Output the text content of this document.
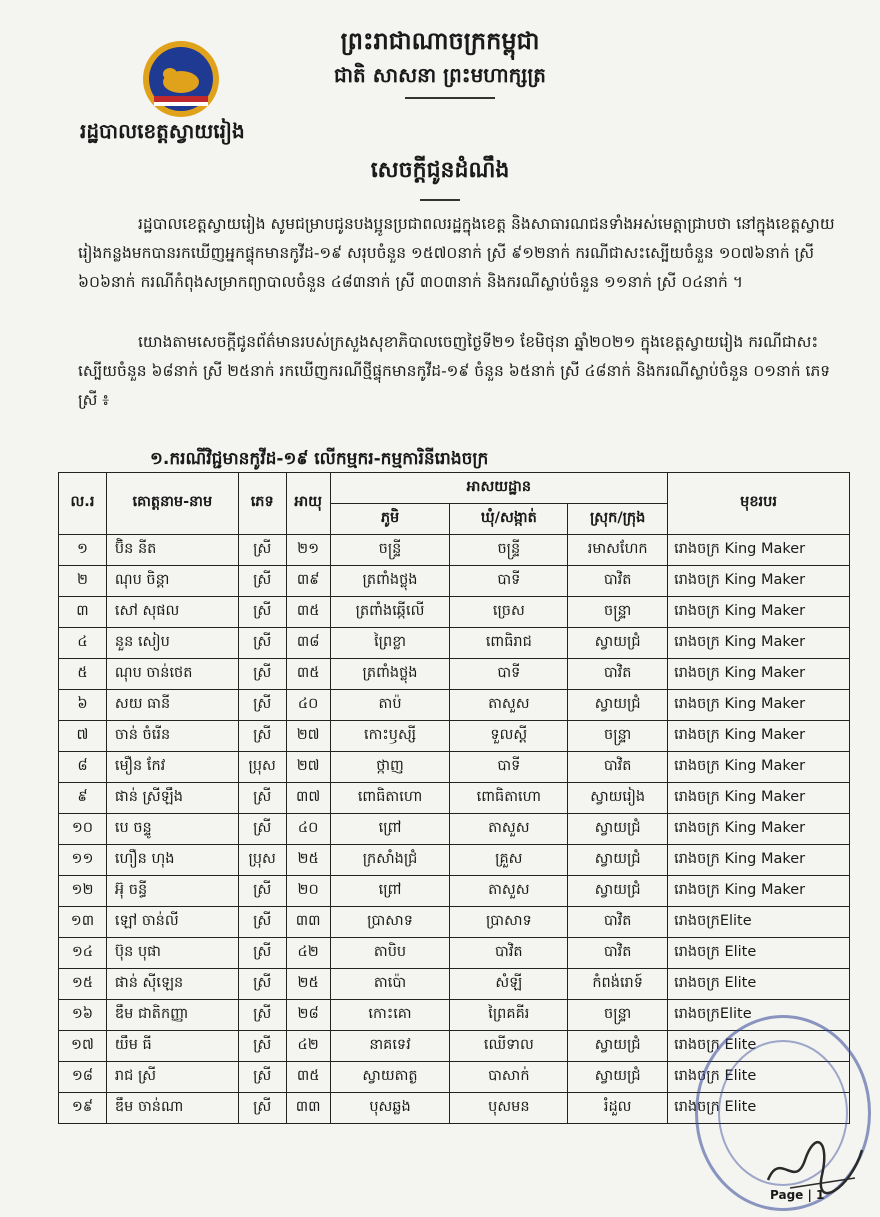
ព្រះរាជាណាចក្រកម្ពុជា
ជាតិ សាសនា ព្រះមហាក្សត្រ
រដ្ឋបាលខេត្តស្វាយរៀង
សេចក្ដីជូនដំណឹង
រដ្ឋបាលខេត្តស្វាយរៀង សូមជម្រាបជូនបងប្អូនប្រជាពលរដ្ឋក្នុងខេត្ត និងសាធារណជនទាំងអស់មេត្តាជ្រាបថា នៅក្នុងខេត្តស្វាយរៀងកន្លងមកបានរកឃើញអ្នកផ្ទុកមានកូវីដ-១៩ សរុបចំនួន ១៥៧០នាក់ ស្រី ៩១២នាក់ ករណីជាសះស្បើយចំនួន ១០៧៦នាក់ ស្រី ៦០៦នាក់ ករណីកំពុងសម្រាកព្យាបាលចំនួន ៤៨៣នាក់ ស្រី ៣០៣នាក់ និងករណីស្លាប់ចំនួន ១១នាក់ ស្រី ០៤នាក់ ។
យោងតាមសេចក្ដីជូនព័ត៌មានរបស់ក្រសួងសុខាភិបាលចេញថ្ងៃទី២១ ខែមិថុនា ឆ្នាំ២០២១ ក្នុងខេត្តស្វាយរៀង ករណីជាសះស្បើយចំនួន ៦៨នាក់ ស្រី ២៥នាក់ រកឃើញករណីថ្មីផ្ទុកមានកូវីដ-១៩ ចំនួន ៦៥នាក់ ស្រី ៤៨នាក់ និងករណីស្លាប់ចំនួន ០១នាក់ ភេទស្រី ៖
១.ករណីវិជ្ជមានកូវីដ-១៩ លើកម្មករ-កម្មការិនីរោងចក្រ
ល.រ	គោត្តនាម-នាម	ភេទ	អាយុ	អាសយដ្ឋាន			មុខរបរ
				ភូមិ	ឃុំ/សង្កាត់	ស្រុក/ក្រុង	
១	ប៊ិន នីត	ស្រី	២១	ចន្រ្ទី	ចន្រ្ទី	រមាសហែក	រោងចក្រ King Maker
២	ណុប ចិន្តា	ស្រី	៣៩	ត្រពាំងថ្លុង	បាទី	បាវិត	រោងចក្រ King Maker
៣	សៅ សុផល	ស្រី	៣៥	ត្រពាំងឆ្កើលើ	ច្រេស	ចន្រ្ទា	រោងចក្រ King Maker
៤	នួន សៀប	ស្រី	៣៨	ព្រៃខ្លា	ពោធិរាជ	ស្វាយជ្រំ	រោងចក្រ King Maker
៥	ណុប ចាន់ថេត	ស្រី	៣៥	ត្រពាំងថ្លុង	បាទី	បាវិត	រោងចក្រ King Maker
៦	សយ ធានី	ស្រី	៤០	តាប៉	តាសួស	ស្វាយជ្រំ	រោងចក្រ King Maker
៧	ចាន់ ចំរើន	ស្រី	២៧	កោះឫស្សី	ទួលស្ដី	ចន្រ្ទា	រោងចក្រ King Maker
៨	មឿន កែវ	ប្រុស	២៧	ថ្កាញ	បាទី	បាវិត	រោងចក្រ King Maker
៩	ផាន់ ស្រីឡឹង	ស្រី	៣៧	ពោធិតាហោ	ពោធិតាហោ	ស្វាយរៀង	រោងចក្រ King Maker
១០	បេ ចន្ទូ	ស្រី	៤០	ព្រៅ	តាសួស	ស្វាយជ្រំ	រោងចក្រ King Maker
១១	ហឿន ហុង	ប្រុស	២៥	ក្រសាំងជ្រំ	គ្រួស	ស្វាយជ្រំ	រោងចក្រ King Maker
១២	អ៊ុ ចន្ធី	ស្រី	២០	ព្រៅ	តាសួស	ស្វាយជ្រំ	រោងចក្រ King Maker
១៣	ឡៅ ចាន់លី	ស្រី	៣៣	ប្រាសាទ	ប្រាសាទ	បាវិត	រោងចក្រElite
១៤	ប៊ុន បុផា	ស្រី	៤២	តាបិប	បាវិត	បាវិត	រោងចក្រ Elite
១៥	ផាន់ ស៊ីឡេន	ស្រី	២៥	តាប៉ោ	សំឡី	កំពង់រោទ៍	រោងចក្រ Elite
១៦	ឌឹម ជាតិកញ្ញា	ស្រី	២៨	កោះគោ	ព្រៃគគីរ	ចន្រ្ទា	រោងចក្រElite
១៧	យឹម ធី	ស្រី	៤២	នាគទេវ	ឈើទាល	ស្វាយជ្រំ	រោងចក្រ Elite
១៨	រាជ ស្រី	ស្រី	៣៥	ស្វាយតាត្ង	បាសាក់	ស្វាយជ្រំ	រោងចក្រ Elite
១៩	ឌឹម ចាន់ណា	ស្រី	៣៣	បុសឆ្លង	បុសមន	រំដួល	រោងចក្រ Elite
Page | 1
